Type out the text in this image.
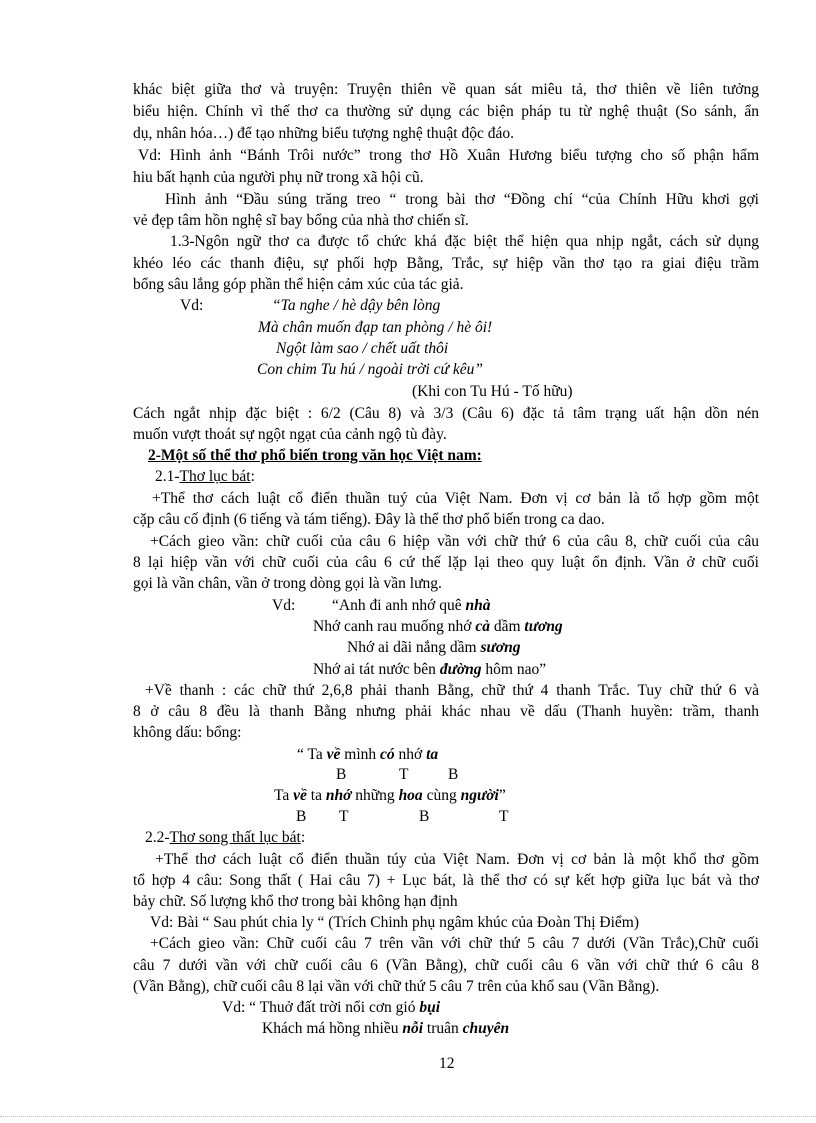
khác biệt giữa thơ và truyện: Truyện thiên về quan sát miêu tả, thơ thiên về liên tưởng
biểu hiện. Chính vì thế thơ ca thường sử dụng các biện pháp tu từ nghệ thuật (So sánh, ẩn
dụ, nhân hóa…) để tạo những biểu tượng nghệ thuật độc đáo.
Vd: Hình ảnh “Bánh Trôi nước” trong thơ Hồ Xuân Hương biểu tượng cho số phận hẩm
hiu bất hạnh của người phụ nữ trong xã hội cũ.
Hình ảnh “Đầu súng trăng treo “ trong bài thơ “Đồng chí “của Chính Hữu khơi gợi
vẻ đẹp tâm hồn nghệ sĩ bay bổng của nhà thơ chiến sĩ.
1.3-Ngôn ngữ thơ ca được tổ chức khá đặc biệt thể hiện qua nhịp ngắt, cách sử dụng
khéo léo các thanh điệu, sự phối hợp Bằng, Trắc, sự hiệp vần thơ tạo ra giai điệu trầm
bổng sâu lắng góp phần thể hiện cảm xúc của tác giả.
Vd:	“Ta nghe / hè dậy bên lòng
Mà chân muốn đạp tan phòng / hè ôi!
Ngột làm sao / chết uất thôi
Con chim Tu hú / ngoài trời cứ kêu”
(Khi con Tu Hú - Tố hữu)
Cách ngắt nhịp đặc biệt : 6/2 (Câu 8) và 3/3 (Câu 6) đặc tả tâm trạng uất hận dồn nén
muốn vượt thoát sự ngột ngạt của cảnh ngộ tù đày.
2-Một số thể thơ phổ biến trong văn học Việt nam:
2.1-Thơ lục bát:
+Thể thơ cách luật cổ điển thuần tuý của Việt Nam. Đơn vị cơ bản là tổ hợp gồm một
cặp câu cố định (6 tiếng và tám tiếng). Đây là thể thơ phổ biến trong ca dao.
+Cách gieo vần: chữ cuối của câu 6 hiệp vần với chữ thứ 6 của câu 8, chữ cuối của câu
8 lại hiệp vần với chữ cuối của câu 6 cứ thế lặp lại theo quy luật ổn định. Vần ở chữ cuối
gọi là vần chân, vần ở trong dòng gọi là vần lưng.
Vd: “Anh đi anh nhớ quê nhà
Nhớ canh rau muống nhớ cà dầm tương
Nhớ ai dãi nắng dầm sương
Nhớ ai tát nước bên đường hôm nao”
+Về thanh : các chữ thứ 2,6,8 phải thanh Bằng, chữ thứ 4 thanh Trắc. Tuy chữ thứ 6 và
8 ở câu 8 đều là thanh Bằng nhưng phải khác nhau về dấu (Thanh huyền: trầm, thanh
không dấu: bổng:
“ Ta về mình có nhớ ta
B	T	B
Ta về ta nhớ những hoa cùng người”
B T	B	T
2.2-Thơ song thất lục bát:
+Thể thơ cách luật cổ điển thuần túy của Việt Nam. Đơn vị cơ bản là một khổ thơ gồm
tổ hợp 4 câu: Song thất ( Hai câu 7) + Lục bát, là thể thơ có sự kết hợp giữa lục bát và thơ
bảy chữ. Số lượng khổ thơ trong bài không hạn định
Vd: Bài “ Sau phút chia ly “ (Trích Chinh phụ ngâm khúc của Đoàn Thị Điểm)
+Cách gieo vần: Chữ cuối câu 7 trên vần với chữ thứ 5 câu 7 dưới (Vần Trắc),Chữ cuối
câu 7 dưới vần với chữ cuối câu 6 (Vần Bằng), chữ cuối câu 6 vần với chữ thứ 6 câu 8
(Vần Bằng), chữ cuối câu 8 lại vần với chữ thứ 5 câu 7 trên của khổ sau (Vần Bằng).
Vd: “ Thuở đất trời nổi cơn gió bụi
Khách má hồng nhiều nỗi truân chuyên
12
